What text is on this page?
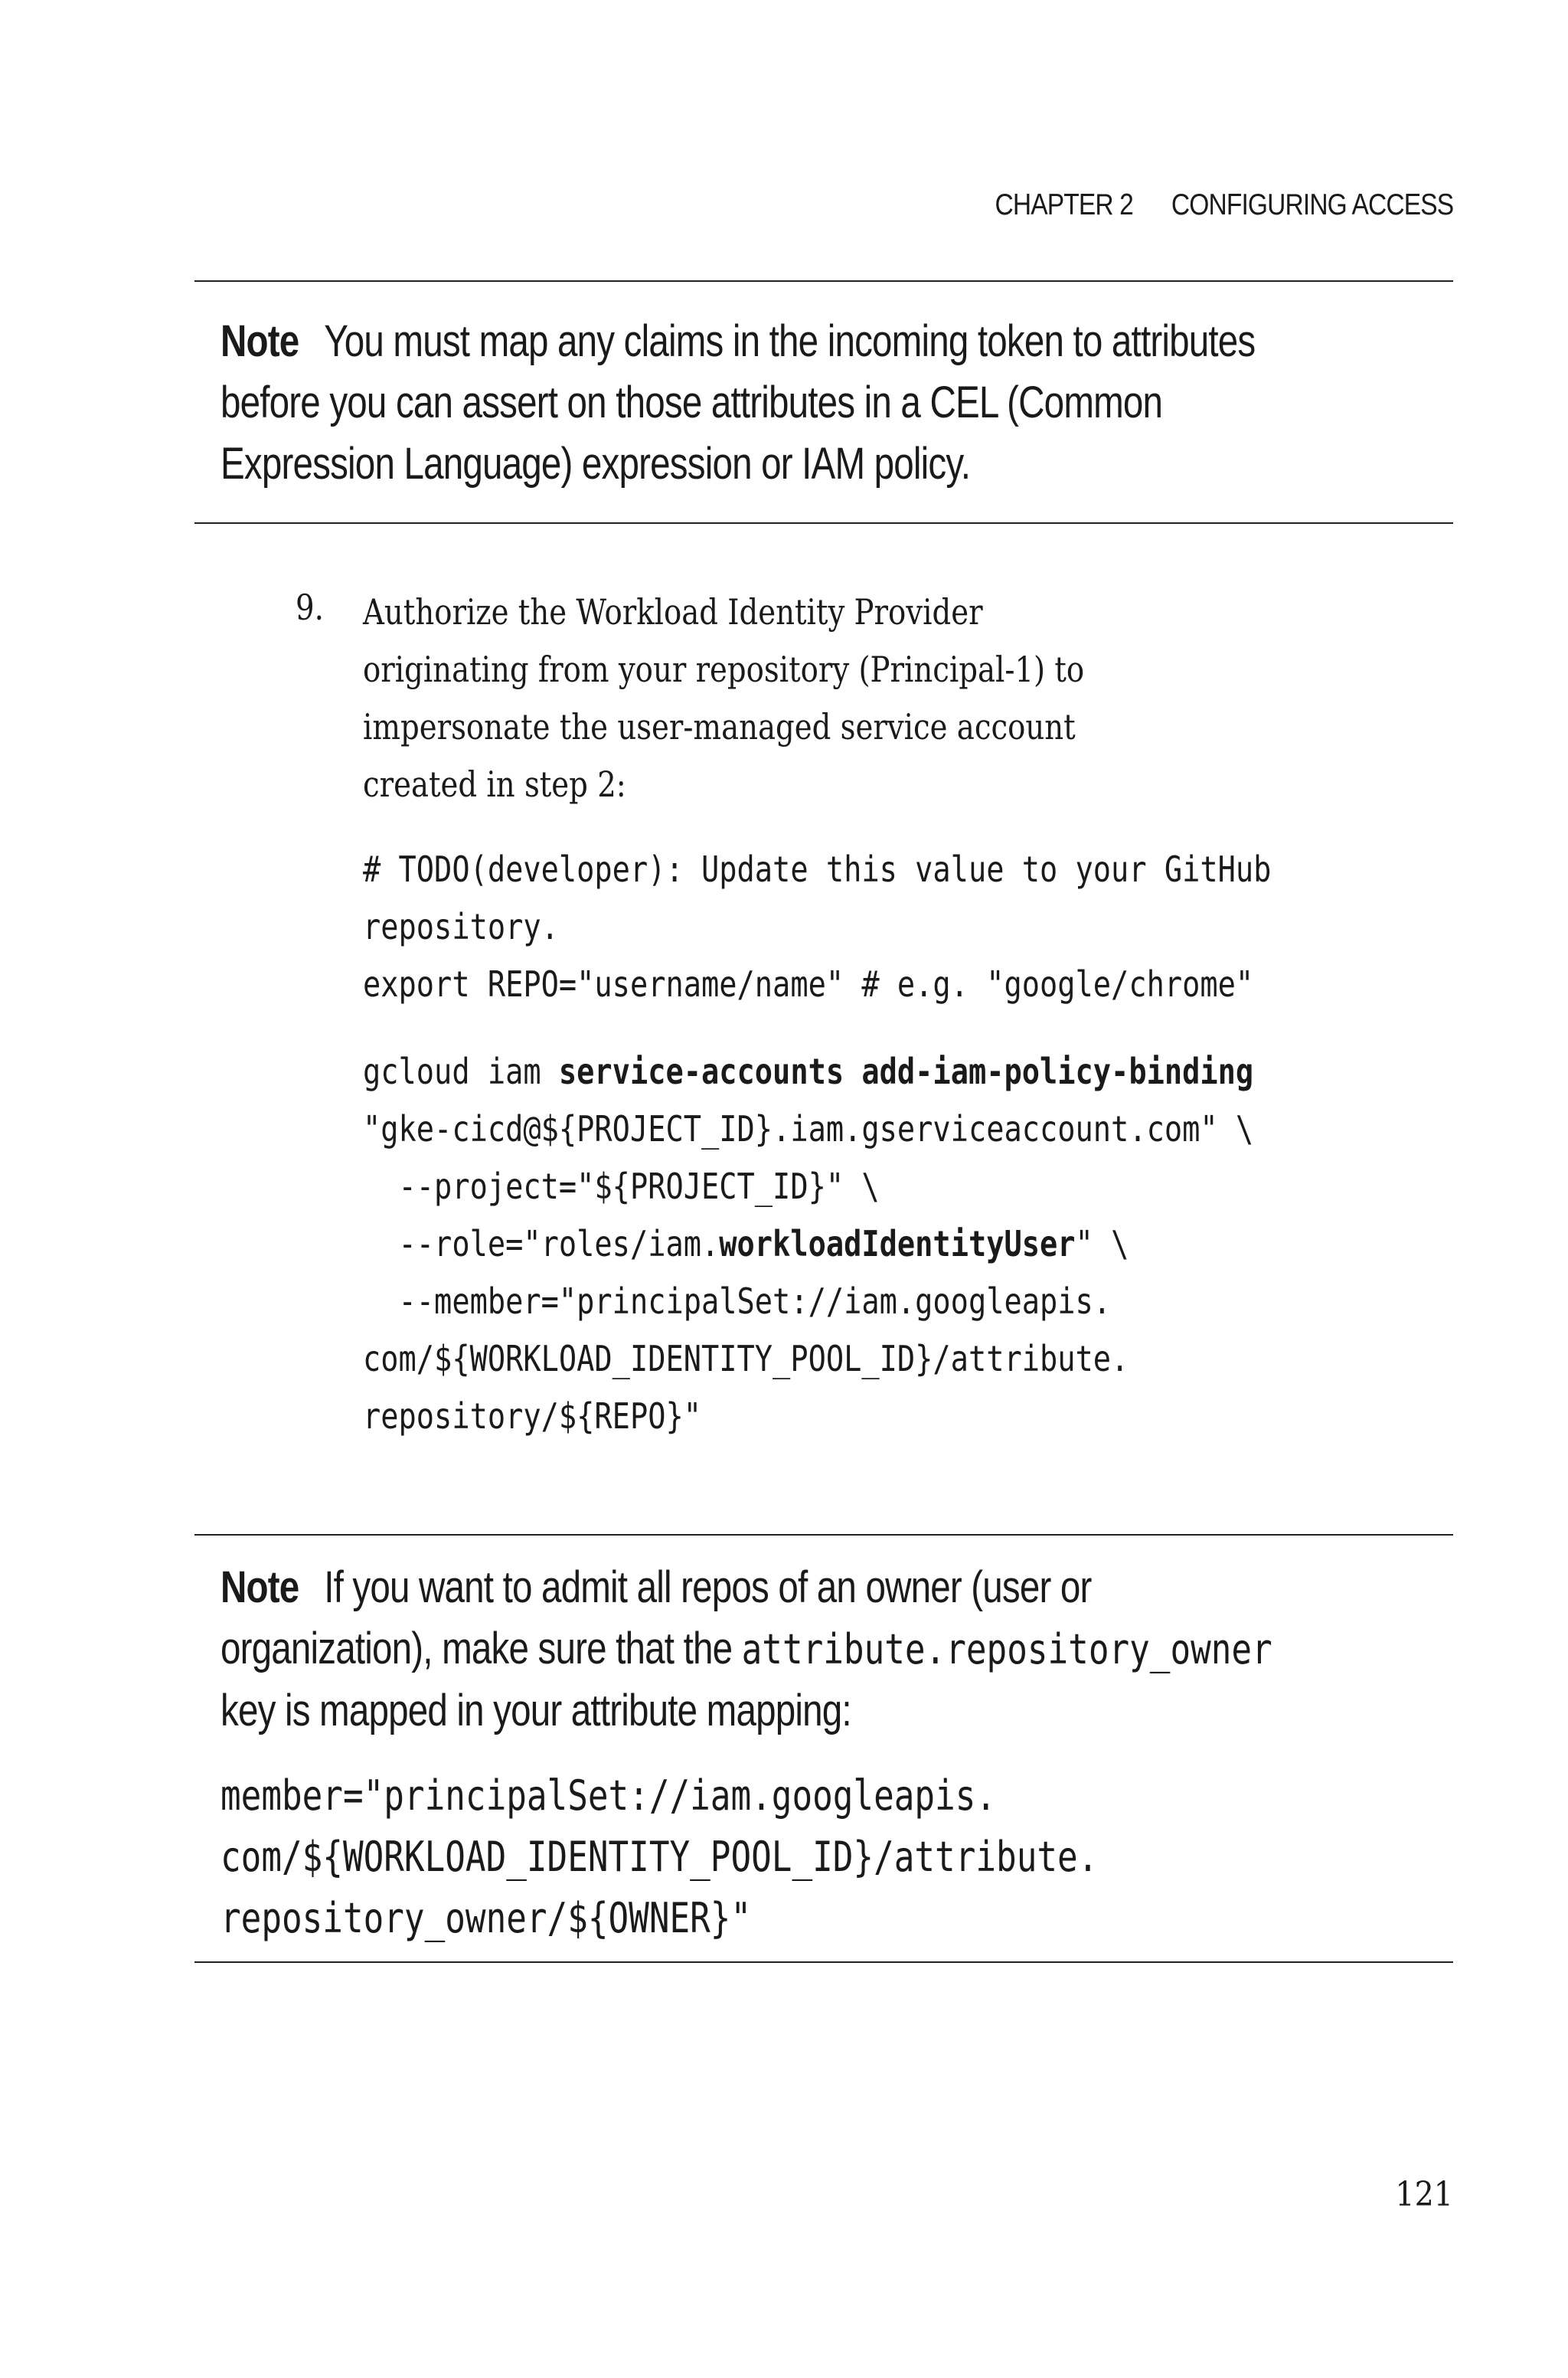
CHAPTER 2 CONFIGURING ACCESS
Note You must map any claims in the incoming token to attributes
before you can assert on those attributes in a CEL (Common
Expression Language) expression or IAM policy.
9. Authorize the Workload Identity Provider
originating from your repository (Principal-1) to
impersonate the user-managed service account
created in step 2:
# TODO(developer): Update this value to your GitHub
repository.
export REPO="username/name" # e.g. "google/chrome"
gcloud iam service-accounts add-iam-policy-binding
"gke-cicd@${PROJECT_ID}.iam.gserviceaccount.com" \
--project="${PROJECT_ID}" \
--role="roles/iam.workloadIdentityUser" \
--member="principalSet://iam.googleapis.
com/${WORKLOAD_IDENTITY_POOL_ID}/attribute.
repository/${REPO}"
Note If you want to admit all repos of an owner (user or
organization), make sure that the attribute.repository_owner
key is mapped in your attribute mapping:
member="principalSet://iam.googleapis.
com/${WORKLOAD_IDENTITY_POOL_ID}/attribute.
repository_owner/${OWNER}"
121
